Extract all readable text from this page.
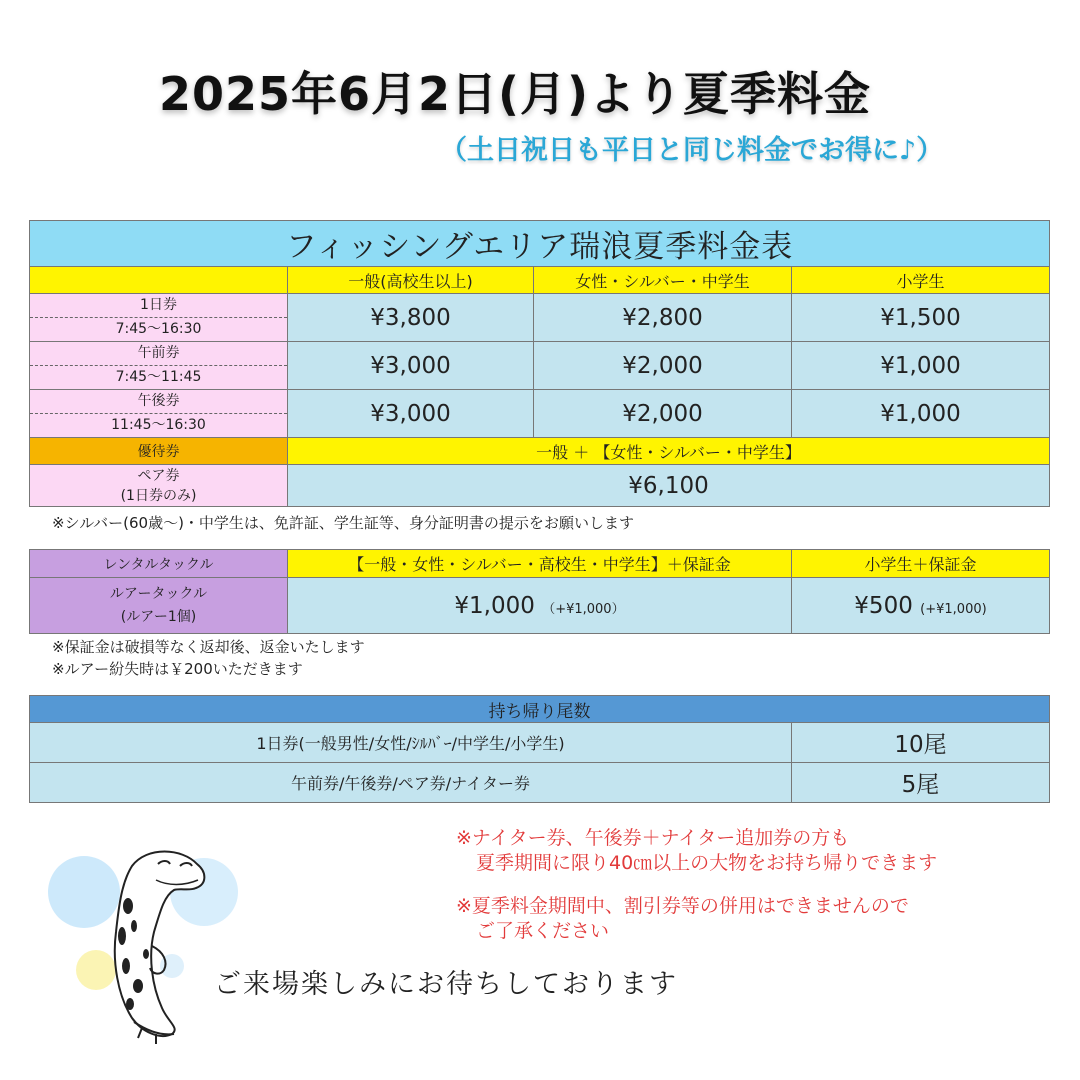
2025年6月2日(月)より夏季料金
（土日祝日も平日と同じ料金でお得に♪）
フィッシングエリア瑞浪夏季料金表			
	一般(高校生以上)	女性・シルバー・中学生	小学生

1日券
7:45～16:30	¥3,800	¥2,800	¥1,500

午前券
7:45～11:45	¥3,000	¥2,000	¥1,000

午後券
11:45～16:30	¥3,000	¥2,000	¥1,000
優待券	一般 ＋ 【女性・シルバー・中学生】		

ペア券
(1日券のみ)	¥6,100		
※シルバー(60歳～)・中学生は、免許証、学生証等、身分証明書の提示をお願いします
レンタルタックル	【一般・女性・シルバー・高校生・中学生】＋保証金	小学生＋保証金

ルアータックル
(ルアー1個)	¥1,000 （+¥1,000）	¥500 (+¥1,000)
※保証金は破損等なく返却後、返金いたします
※ルアー紛失時は￥200いただきます
持ち帰り尾数	
1日券(一般男性/女性/ｼﾙﾊﾞｰ/中学生/小学生)	10尾
午前券/午後券/ペア券/ナイター券	5尾
※ナイター券、午後券＋ナイター追加券の方も
夏季期間に限り40㎝以上の大物をお持ち帰りできます
※夏季料金期間中、割引券等の併用はできませんので
ご了承ください
ご来場楽しみにお待ちしております
